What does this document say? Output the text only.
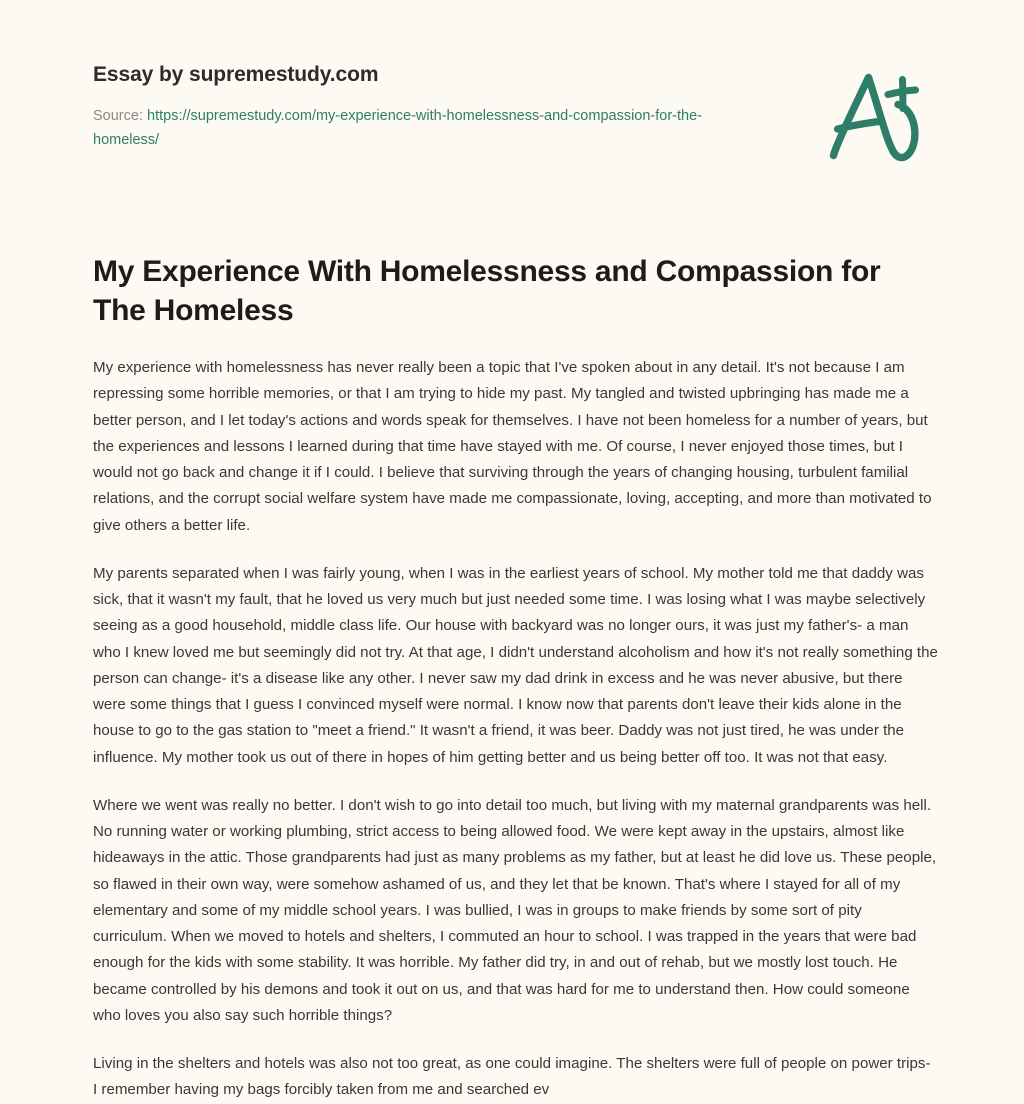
Essay by supremestudy.com
Source: https://supremestudy.com/my-experience-with-homelessness-and-compassion-for-the-homeless/
My Experience With Homelessness and Compassion for The Homeless

My experience with homelessness has never really been a topic that I've spoken about in any detail. It's not because I am repressing some horrible memories, or that I am trying to hide my past. My tangled and twisted upbringing has made me a better person, and I let today's actions and words speak for themselves. I have not been homeless for a number of years, but the experiences and lessons I learned during that time have stayed with me. Of course, I never enjoyed those times, but I would not go back and change it if I could. I believe that surviving through the years of changing housing, turbulent familial relations, and the corrupt social welfare system have made me compassionate, loving, accepting, and more than motivated to give others a better life.

My parents separated when I was fairly young, when I was in the earliest years of school. My mother told me that daddy was sick, that it wasn't my fault, that he loved us very much but just needed some time. I was losing what I was maybe selectively seeing as a good household, middle class life. Our house with backyard was no longer ours, it was just my father's- a man who I knew loved me but seemingly did not try. At that age, I didn't understand alcoholism and how it's not really something the person can change- it's a disease like any other. I never saw my dad drink in excess and he was never abusive, but there were some things that I guess I convinced myself were normal. I know now that parents don't leave their kids alone in the house to go to the gas station to "meet a friend." It wasn't a friend, it was beer. Daddy was not just tired, he was under the influence. My mother took us out of there in hopes of him getting better and us being better off too. It was not that easy.

Where we went was really no better. I don't wish to go into detail too much, but living with my maternal grandparents was hell. No running water or working plumbing, strict access to being allowed food. We were kept away in the upstairs, almost like hideaways in the attic. Those grandparents had just as many problems as my father, but at least he did love us. These people, so flawed in their own way, were somehow ashamed of us, and they let that be known. That's where I stayed for all of my elementary and some of my middle school years. I was bullied, I was in groups to make friends by some sort of pity curriculum. When we moved to hotels and shelters, I commuted an hour to school. I was trapped in the years that were bad enough for the kids with some stability. It was horrible. My father did try, in and out of rehab, but we mostly lost touch. He became controlled by his demons and took it out on us, and that was hard for me to understand then. How could someone who loves you also say such horrible things?

Living in the shelters and hotels was also not too great, as one could imagine. The shelters were full of people on power trips- I remember having my bags forcibly taken from me and searched ev
